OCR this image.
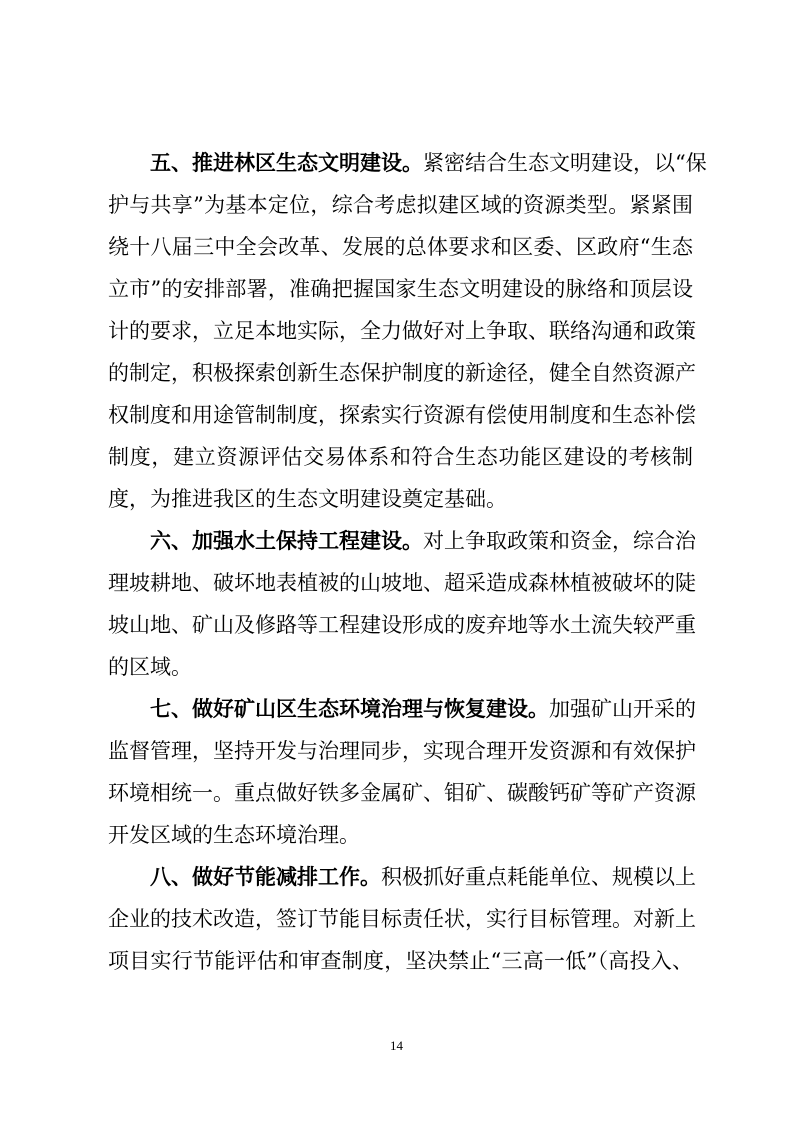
五、推进林区生态文明建设。紧密结合生态文明建设，以“保
护与共享”为基本定位，综合考虑拟建区域的资源类型。紧紧围
绕十八届三中全会改革、发展的总体要求和区委、区政府“生态
立市”的安排部署，准确把握国家生态文明建设的脉络和顶层设
计的要求，立足本地实际，全力做好对上争取、联络沟通和政策
的制定，积极探索创新生态保护制度的新途径，健全自然资源产
权制度和用途管制制度，探索实行资源有偿使用制度和生态补偿
制度，建立资源评估交易体系和符合生态功能区建设的考核制
度，为推进我区的生态文明建设奠定基础。
六、加强水土保持工程建设。对上争取政策和资金，综合治
理坡耕地、破坏地表植被的山坡地、超采造成森林植被破坏的陡
坡山地、矿山及修路等工程建设形成的废弃地等水土流失较严重
的区域。
七、做好矿山区生态环境治理与恢复建设。加强矿山开采的
监督管理，坚持开发与治理同步，实现合理开发资源和有效保护
环境相统一。重点做好铁多金属矿、钼矿、碳酸钙矿等矿产资源
开发区域的生态环境治理。
八、做好节能减排工作。积极抓好重点耗能单位、规模以上
企业的技术改造，签订节能目标责任状，实行目标管理。对新上
项目实行节能评估和审查制度，坚决禁止“三高一低”（高投入、
14
